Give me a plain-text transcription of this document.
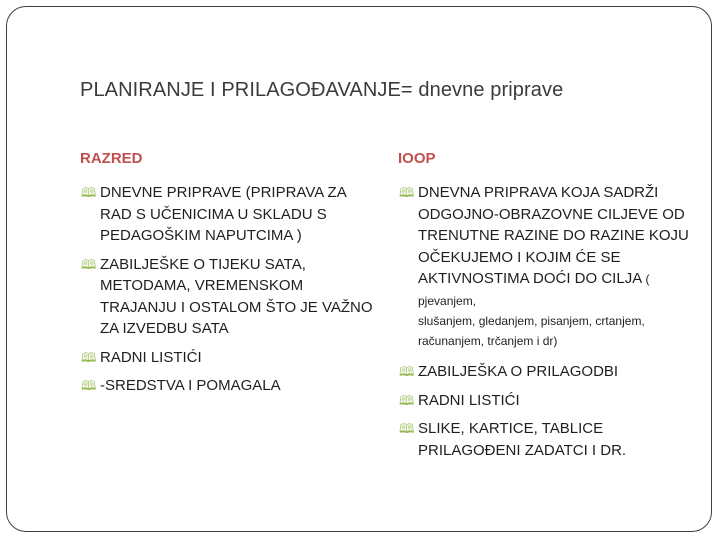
PLANIRANJE I PRILAGOĐAVANJE= dnevne priprave
RAZRED
🕮 DNEVNE PRIPRAVE (PRIPRAVA ZA RAD S UČENICIMA U SKLADU S PEDAGOŠKIM NAPUTCIMA )
🕮 ZABILJEŠKE O TIJEKU SATA, METODAMA, VREMENSKOM TRAJANJU I OSTALOM ŠTO JE VAŽNO ZA IZVEDBU SATA
🕮 RADNI LISTIĆI
🕮 -SREDSTVA I POMAGALA
IOOP
🕮 DNEVNA PRIPRAVA KOJA SADRŽI ODGOJNO-OBRAZOVNE CILJEVE OD TRENUTNE RAZINE DO RAZINE KOJU OČEKUJEMO I KOJIM ĆE SE AKTIVNOSTIMA DOĆI DO CILJA ( pjevanjem,
slušanjem, gledanjem, pisanjem, crtanjem, računanjem, trčanjem i dr)
🕮 ZABILJEŠKA O PRILAGODBI
🕮 RADNI LISTIĆI
🕮 SLIKE, KARTICE, TABLICE PRILAGOĐENI ZADATCI I DR.
